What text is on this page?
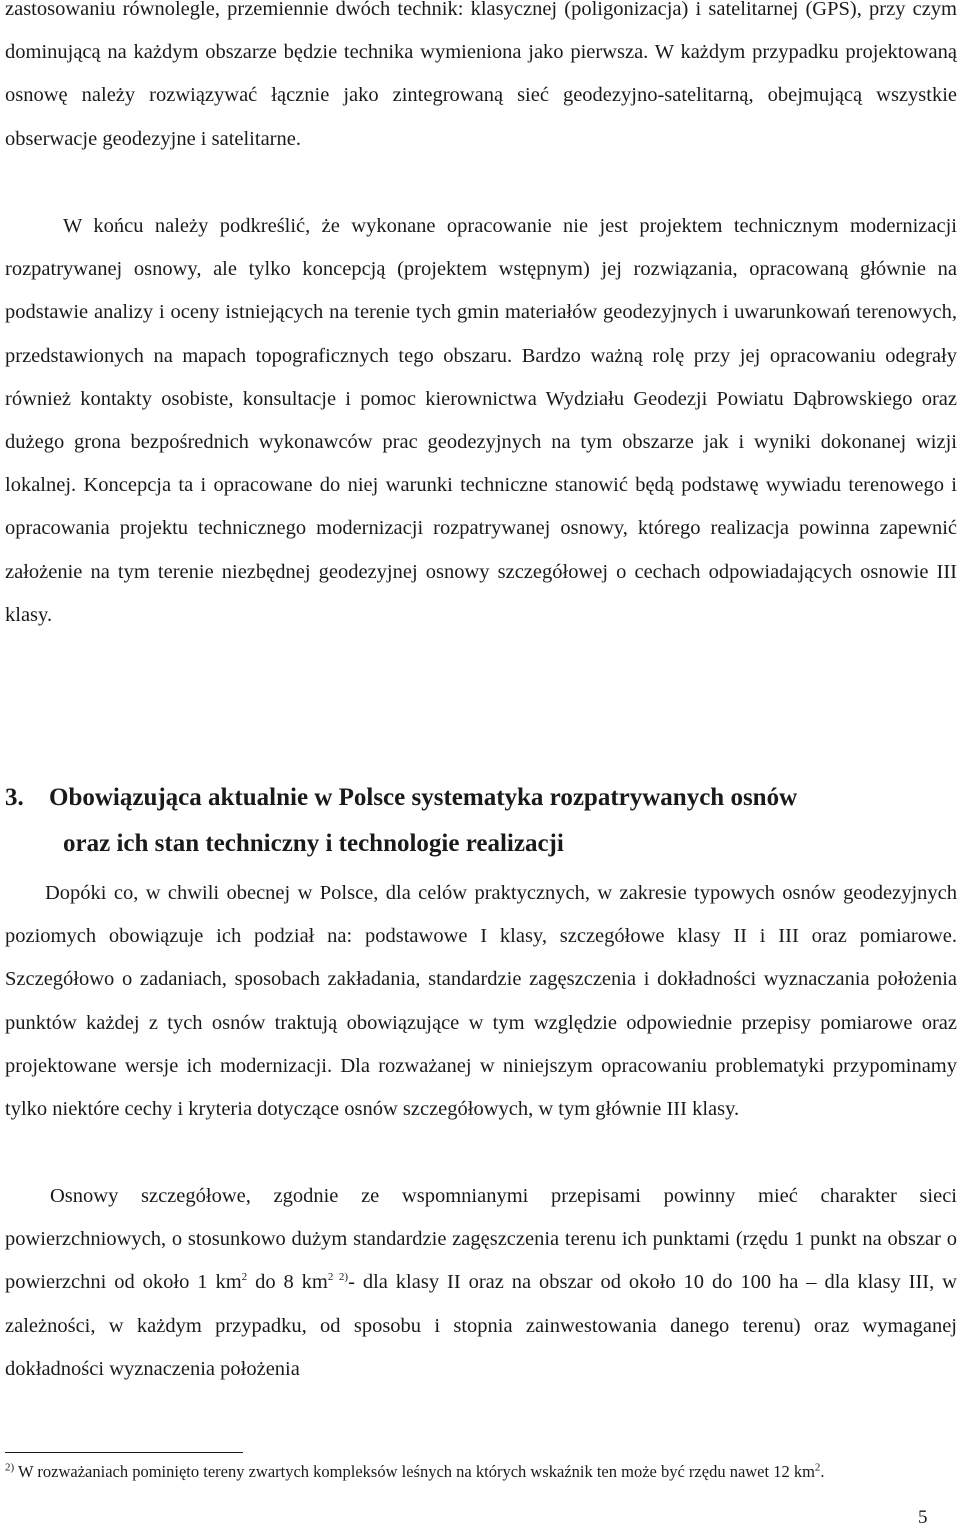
zastosowaniu równolegle, przemiennie dwóch technik: klasycznej (poligonizacja) i satelitarnej (GPS), przy czym dominującą na każdym obszarze będzie technika wymieniona jako pierwsza. W każdym przypadku projektowaną osnowę należy rozwiązywać łącznie jako zintegrowaną sieć geodezyjno-satelitarną, obejmującą wszystkie obserwacje geodezyjne i satelitarne.

W końcu należy podkreślić, że wykonane opracowanie nie jest projektem technicznym modernizacji rozpatrywanej osnowy, ale tylko koncepcją (projektem wstępnym) jej rozwiązania, opracowaną głównie na podstawie analizy i oceny istniejących na terenie tych gmin materiałów geodezyjnych i uwarunkowań terenowych, przedstawionych na mapach topograficznych tego obszaru. Bardzo ważną rolę przy jej opracowaniu odegrały również kontakty osobiste, konsultacje i pomoc kierownictwa Wydziału Geodezji Powiatu Dąbrowskiego oraz dużego grona bezpośrednich wykonawców prac geodezyjnych na tym obszarze jak i wyniki dokonanej wizji lokalnej. Koncepcja ta i opracowane do niej warunki techniczne stanowić będą podstawę wywiadu terenowego i opracowania projektu technicznego modernizacji rozpatrywanej osnowy, którego realizacja powinna zapewnić założenie na tym terenie niezbędnej geodezyjnej osnowy szczegółowej o cechach odpowiadających osnowie III klasy.

3. Obowiązująca aktualnie w Polsce systematyka rozpatrywanych osnów
oraz ich stan techniczny i technologie realizacji

Dopóki co, w chwili obecnej w Polsce, dla celów praktycznych, w zakresie typowych osnów geodezyjnych poziomych obowiązuje ich podział na: podstawowe I klasy, szczegółowe klasy II i III oraz pomiarowe. Szczegółowo o zadaniach, sposobach zakładania, standardzie zagęszczenia i dokładności wyznaczania położenia punktów każdej z tych osnów traktują obowiązujące w tym względzie odpowiednie przepisy pomiarowe oraz projektowane wersje ich modernizacji. Dla rozważanej w niniejszym opracowaniu problematyki przypominamy tylko niektóre cechy i kryteria dotyczące osnów szczegółowych, w tym głównie III klasy.

Osnowy szczegółowe, zgodnie ze wspomnianymi przepisami powinny mieć charakter sieci powierzchniowych, o stosunkowo dużym standardzie zagęszczenia terenu ich punktami (rzędu 1 punkt na obszar o powierzchni od około 1 $km^2$ do 8 $km^{2 2)}-$ dla klasy II oraz na obszar od około 10 do 100 ha – dla klasy III, w zależności, w każdym przypadku, od sposobu i stopnia zainwestowania danego terenu) oraz wymaganej dokładności wyznaczenia położenia

$^{2)}$ W rozważaniach pominięto tereny zwartych kompleksów leśnych na których wskaźnik ten może być rzędu nawet 12 $km^2$.

5
